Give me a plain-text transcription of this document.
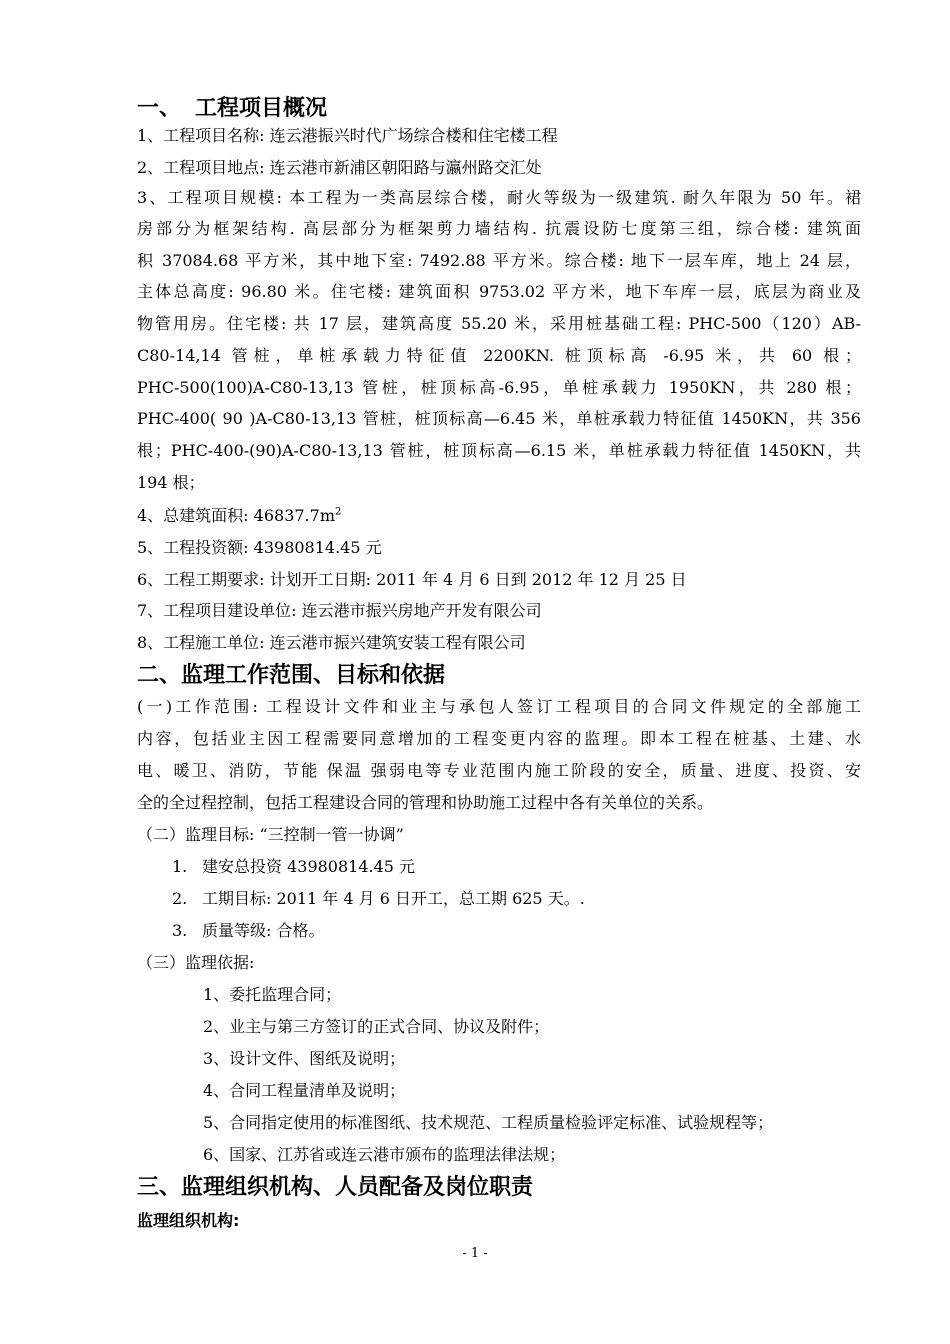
一、 工程项目概况
1、工程项目名称: 连云港振兴时代广场综合楼和住宅楼工程
2、工程项目地点: 连云港市新浦区朝阳路与瀛州路交汇处
3、工程项目规模: 本工程为一类高层综合楼，耐火等级为一级建筑. 耐久年限为 50 年。裙
房部分为框架结构. 高层部分为框架剪力墙结构. 抗震设防七度第三组，综合楼: 建筑面
积 37084.68 平方米，其中地下室: 7492.88 平方米。综合楼: 地下一层车库，地上 24 层，
主体总高度: 96.80 米。住宅楼: 建筑面积 9753.02 平方米，地下车库一层，底层为商业及
物管用房。住宅楼: 共 17 层，建筑高度 55.20 米，采用桩基础工程: PHC-500（120）AB-
C80-14,14 管桩，单桩承载力特征值 2200KN. 桩顶标高 -6.95 米，共 60 根；
PHC-500(100)A-C80-13,13 管桩，桩顶标高-6.95，单桩承载力 1950KN，共 280 根；
PHC-400( 90 )A-C80-13,13 管桩，桩顶标高—6.45 米，单桩承载力特征值 1450KN，共 356
根；PHC-400-(90)A-C80-13,13 管桩，桩顶标高—6.15 米，单桩承载力特征值 1450KN，共
194 根；
4、总建筑面积: $46837.7m^2$
5、工程投资额: 43980814.45 元
6、工程工期要求: 计划开工日期: 2011 年 4 月 6 日到 2012 年 12 月 25 日
7、工程项目建设单位: 连云港市振兴房地产开发有限公司
8、工程施工单位: 连云港市振兴建筑安装工程有限公司
二、监理工作范围、目标和依据
(一)工作范围: 工程设计文件和业主与承包人签订工程项目的合同文件规定的全部施工
内容，包括业主因工程需要同意增加的工程变更内容的监理。即本工程在桩基、土建、水
电、暖卫、消防，节能 保温 强弱电等专业范围内施工阶段的安全，质量、进度、投资、安
全的全过程控制，包括工程建设合同的管理和协助施工过程中各有关单位的关系。
（二）监理目标: “三控制一管一协调”
1. 建安总投资 43980814.45 元
2. 工期目标: 2011 年 4 月 6 日开工，总工期 625 天。.
3. 质量等级: 合格。
（三）监理依据:
1、委托监理合同；
2、业主与第三方签订的正式合同、协议及附件；
3、设计文件、图纸及说明；
4、合同工程量清单及说明；
5、合同指定使用的标准图纸、技术规范、工程质量检验评定标准、试验规程等；
6、国家、江苏省或连云港市颁布的监理法律法规；
三、监理组织机构、人员配备及岗位职责
监理组织机构:
- 1 -
